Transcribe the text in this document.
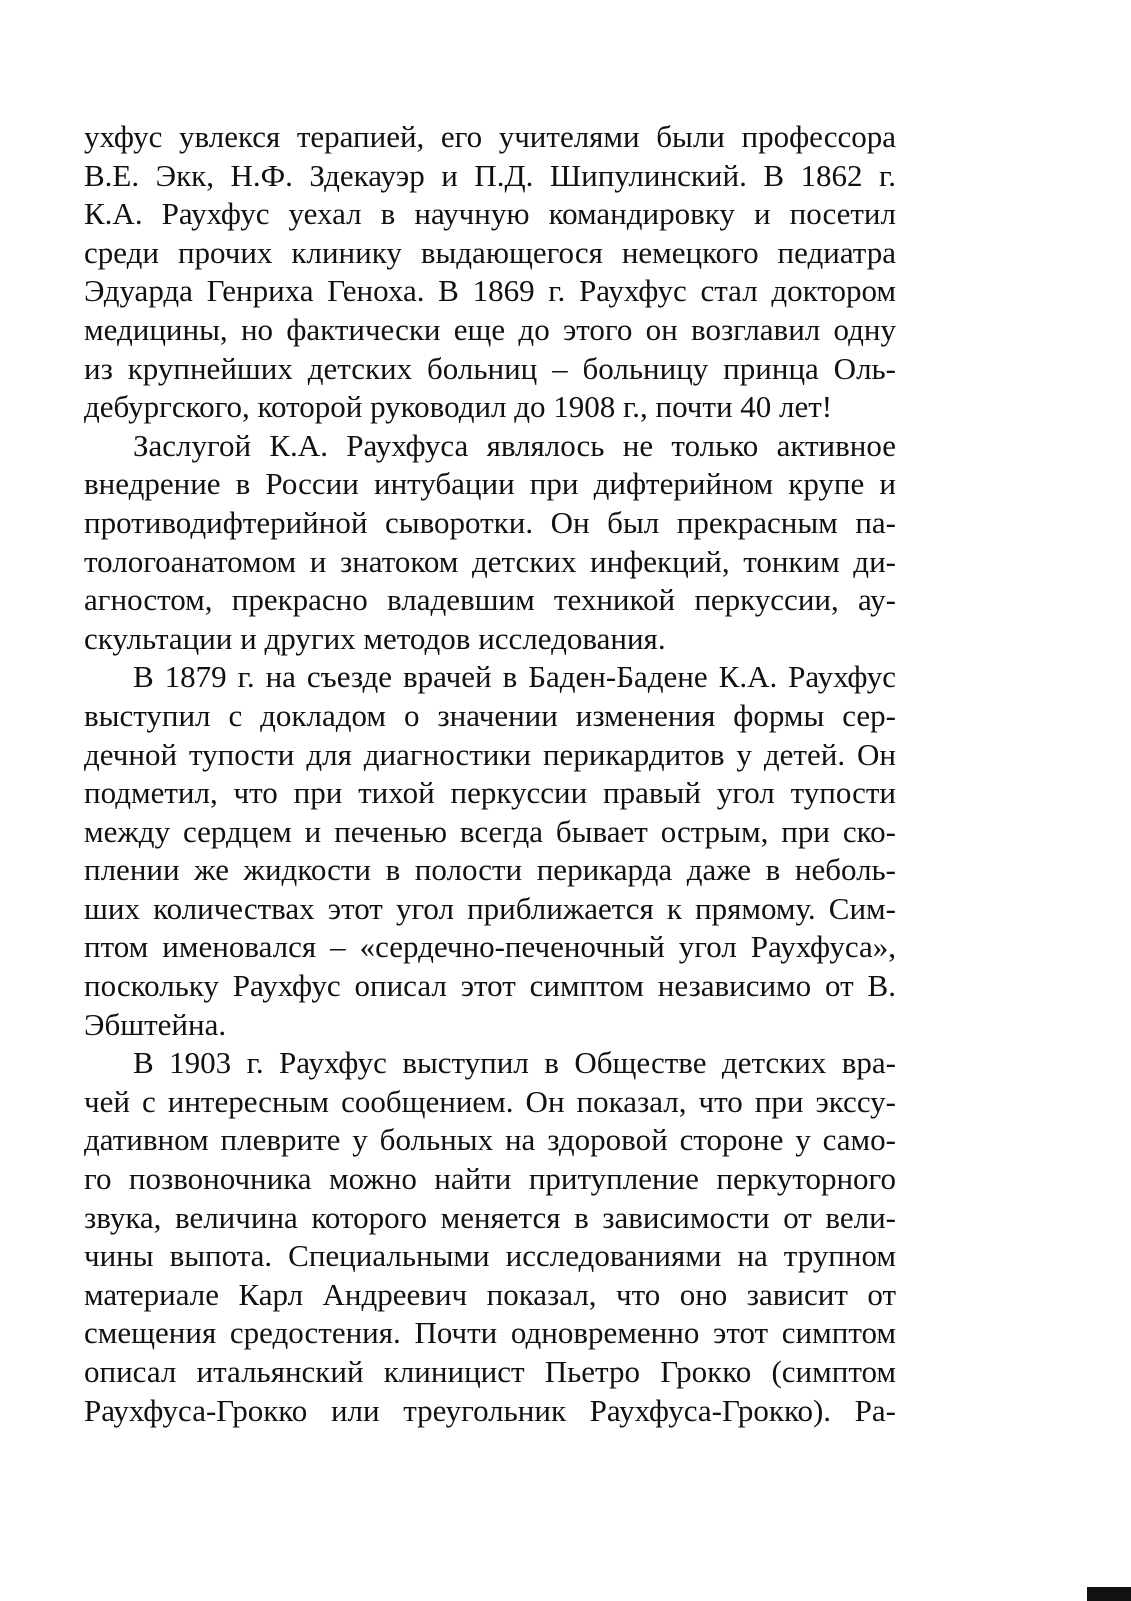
ухфус увлекся терапией, его учителями были профессора
В.Е. Экк, Н.Ф. Здекауэр и П.Д. Шипулинский. В 1862 г.
К.А. Раухфус уехал в научную командировку и посетил
среди прочих клинику выдающегося немецкого педиатра
Эдуарда Генриха Геноха. В 1869 г. Раухфус стал доктором
медицины, но фактически еще до этого он возглавил одну
из крупнейших детских больниц – больницу принца Оль-
дебургского, которой руководил до 1908 г., почти 40 лет!
Заслугой К.А. Раухфуса являлось не только активное
внедрение в России интубации при дифтерийном крупе и
противодифтерийной сыворотки. Он был прекрасным па-
тологоанатомом и знатоком детских инфекций, тонким ди-
агностом, прекрасно владевшим техникой перкуссии, ау-
скультации и других методов исследования.
В 1879 г. на съезде врачей в Баден-Бадене К.А. Раухфус
выступил с докладом о значении изменения формы сер-
дечной тупости для диагностики перикардитов у детей. Он
подметил, что при тихой перкуссии правый угол тупости
между сердцем и печенью всегда бывает острым, при ско-
плении же жидкости в полости перикарда даже в неболь-
ших количествах этот угол приближается к прямому. Сим-
птом именовался – «сердечно-печеночный угол Раухфуса»,
поскольку Раухфус описал этот симптом независимо от В.
Эбштейна.
В 1903 г. Раухфус выступил в Обществе детских вра-
чей с интересным сообщением. Он показал, что при экссу-
дативном плеврите у больных на здоровой стороне у само-
го позвоночника можно найти притупление перкуторного
звука, величина которого меняется в зависимости от вели-
чины выпота. Специальными исследованиями на трупном
материале Карл Андреевич показал, что оно зависит от
смещения средостения. Почти одновременно этот симптом
описал итальянский клиницист Пьетро Грокко (симптом
Раухфуса-Грокко или треугольник Раухфуса-Грокко). Ра-
